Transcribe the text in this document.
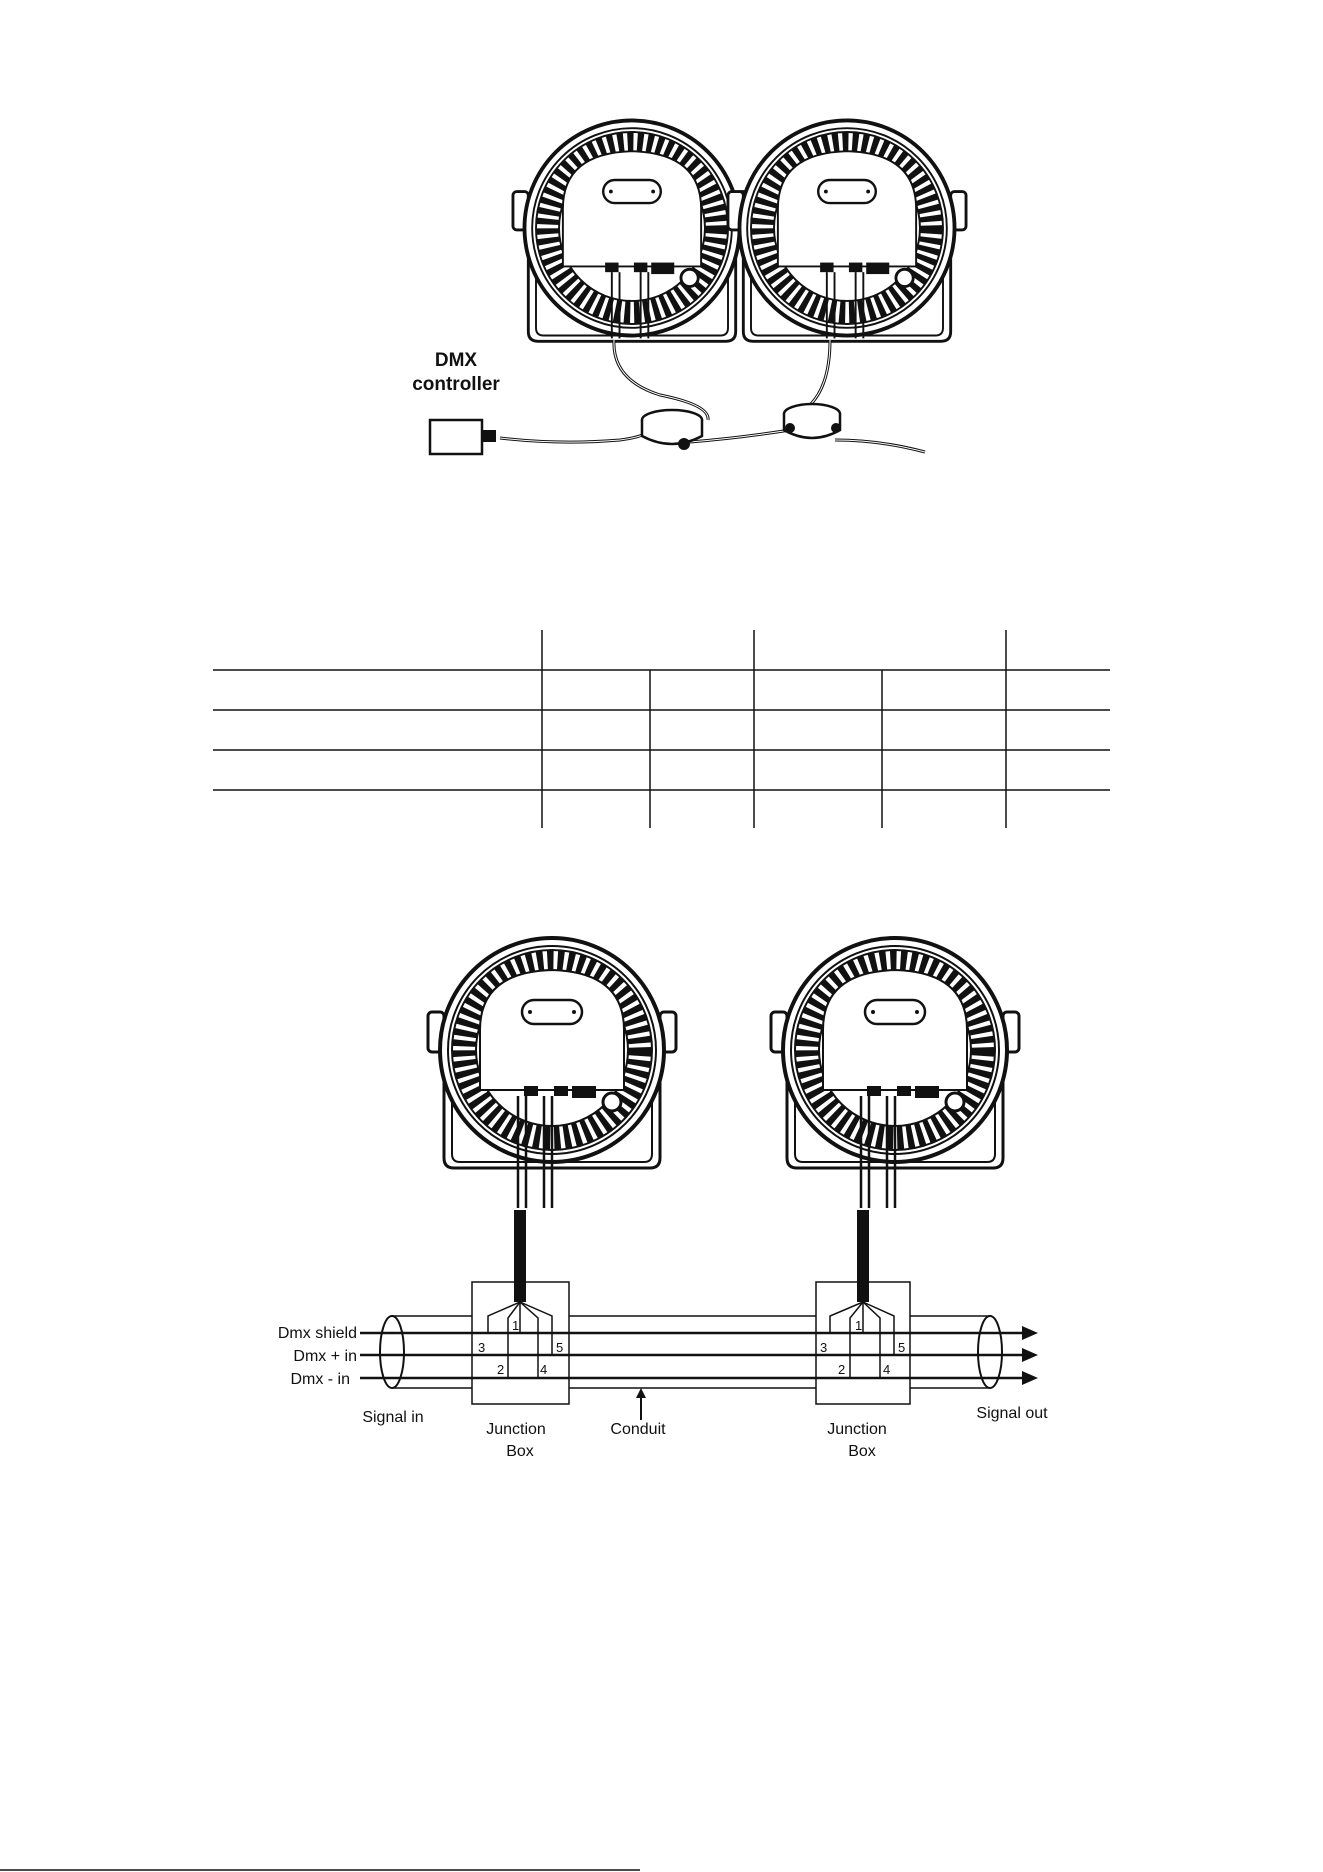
DMX
controller
3
1
5
2	4
3
1
5
2	4
Dmx shield
Dmx + in
Dmx - in
Signal in	Signal out
Junction
Box
Conduit	Junction
Box
